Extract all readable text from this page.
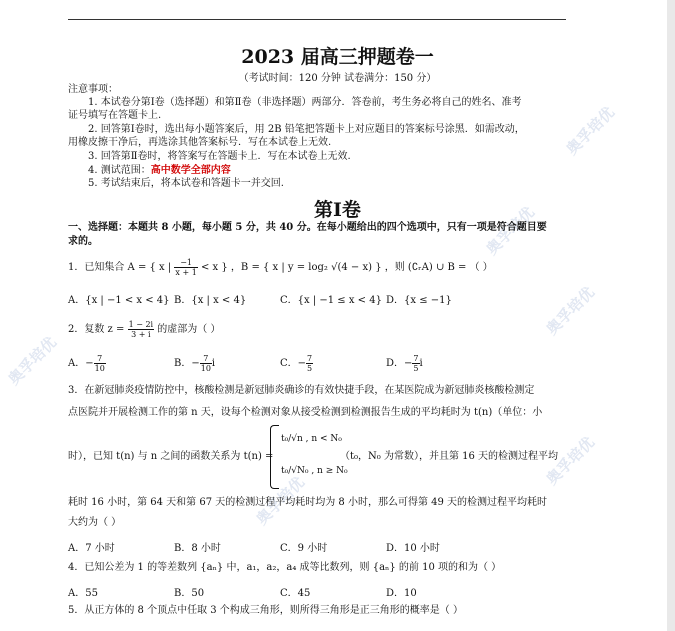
奥孚培优
奥孚培优
奥孚培优
奥孚培优
奥孚培优
奥孚培优
2023 届高三押题卷一
（考试时间：120 分钟 试卷满分：150 分）
注意事项：
1. 本试卷分第Ⅰ卷（选择题）和第Ⅱ卷（非选择题）两部分．答卷前，考生务必将自己的姓名、准考
证号填写在答题卡上.
2. 回答第Ⅰ卷时，选出每小题答案后，用 2B 铅笔把答题卡上对应题目的答案标号涂黑．如需改动，
用橡皮擦干净后，再选涂其他答案标号．写在本试卷上无效.
3. 回答第Ⅱ卷时，将答案写在答题卡上．写在本试卷上无效.
4. 测试范围：高中数学全部内容
5. 考试结束后，将本试卷和答题卡一并交回.
第Ⅰ卷
一、选择题：本题共 8 小题，每小题 5 分，共 40 分。在每小题给出的四个选项中，只有一项是符合题目要
求的。
1．已知集合 A = { x | $\frac{-1}{x + 1} < x$ } ，B = { x | y = log₂ √(4 − x) } ，则 (∁ᵣA) ∪ B = （ ）
A．{x | −1 < x < 4} B．{x | x < 4}	C．{x | −1 ≤ x < 4} D．{x ≤ −1}
2．复数 $z = \frac{1 - 2i}{3 + i}$ 的虚部为（ ）
A．− $\frac{7}{10}$	B．− $\frac{7}{10}$ i	C．− $\frac{7}{5}$	D．− $\frac{7}{5}$ i
3．在新冠肺炎疫情防控中，核酸检测是新冠肺炎确诊的有效快捷手段，在某医院成为新冠肺炎核酸检测定
点医院并开展检测工作的第 n 天，设每个检测对象从接受检测到检测报告生成的平均耗时为 t(n)（单位：小
时），已知 t(n) 与 n 之间的函数关系为 t(n) =
t₀/√n , n < N₀
t₀/√N₀ , n ≥ N₀
（t₀，N₀ 为常数），并且第 16 天的检测过程平均
耗时 16 小时，第 64 天和第 67 天的检测过程平均耗时均为 8 小时，那么可得第 49 天的检测过程平均耗时
大约为（ ）
A．7 小时	B．8 小时	C．9 小时	D．10 小时
4．已知公差为 1 的等差数列 {aₙ} 中，a₁，a₂，a₄ 成等比数列，则 {aₙ} 的前 10 项的和为（ ）
A．55	B．50	C．45	D．10
5．从正方体的 8 个顶点中任取 3 个构成三角形，则所得三角形是正三角形的概率是（ ）
